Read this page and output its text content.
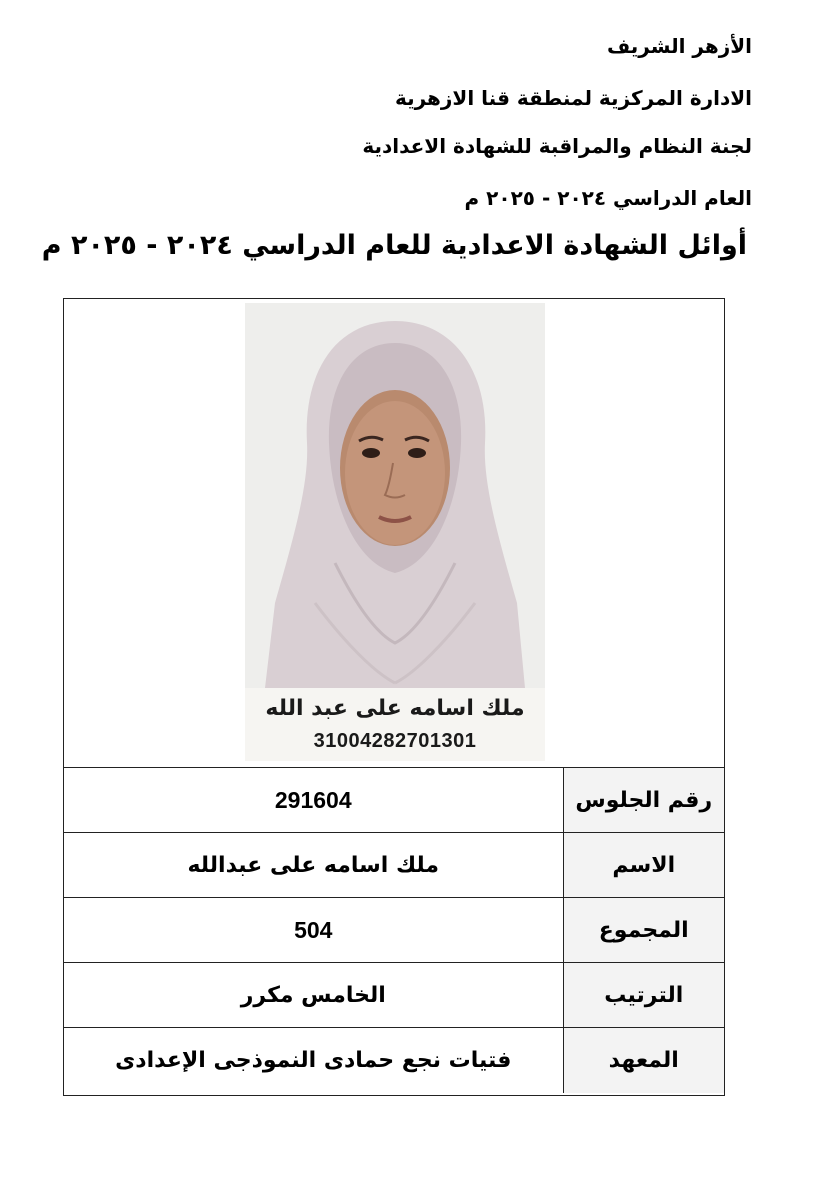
الأزهر الشريف
الادارة المركزية لمنطقة قنا الازهرية
لجنة النظام والمراقبة للشهادة الاعدادية
العام الدراسي ٢٠٢٤ - ٢٠٢٥ م
أوائل الشهادة الاعدادية للعام الدراسي ٢٠٢٤ - ٢٠٢٥ م
ملك اسامه على عبد الله
31004282701301
291604	رقم الجلوس
ملك اسامه على عبدالله	الاسم
504	المجموع
الخامس مكرر	الترتيب
فتيات نجع حمادى النموذجى الإعدادى	المعهد
